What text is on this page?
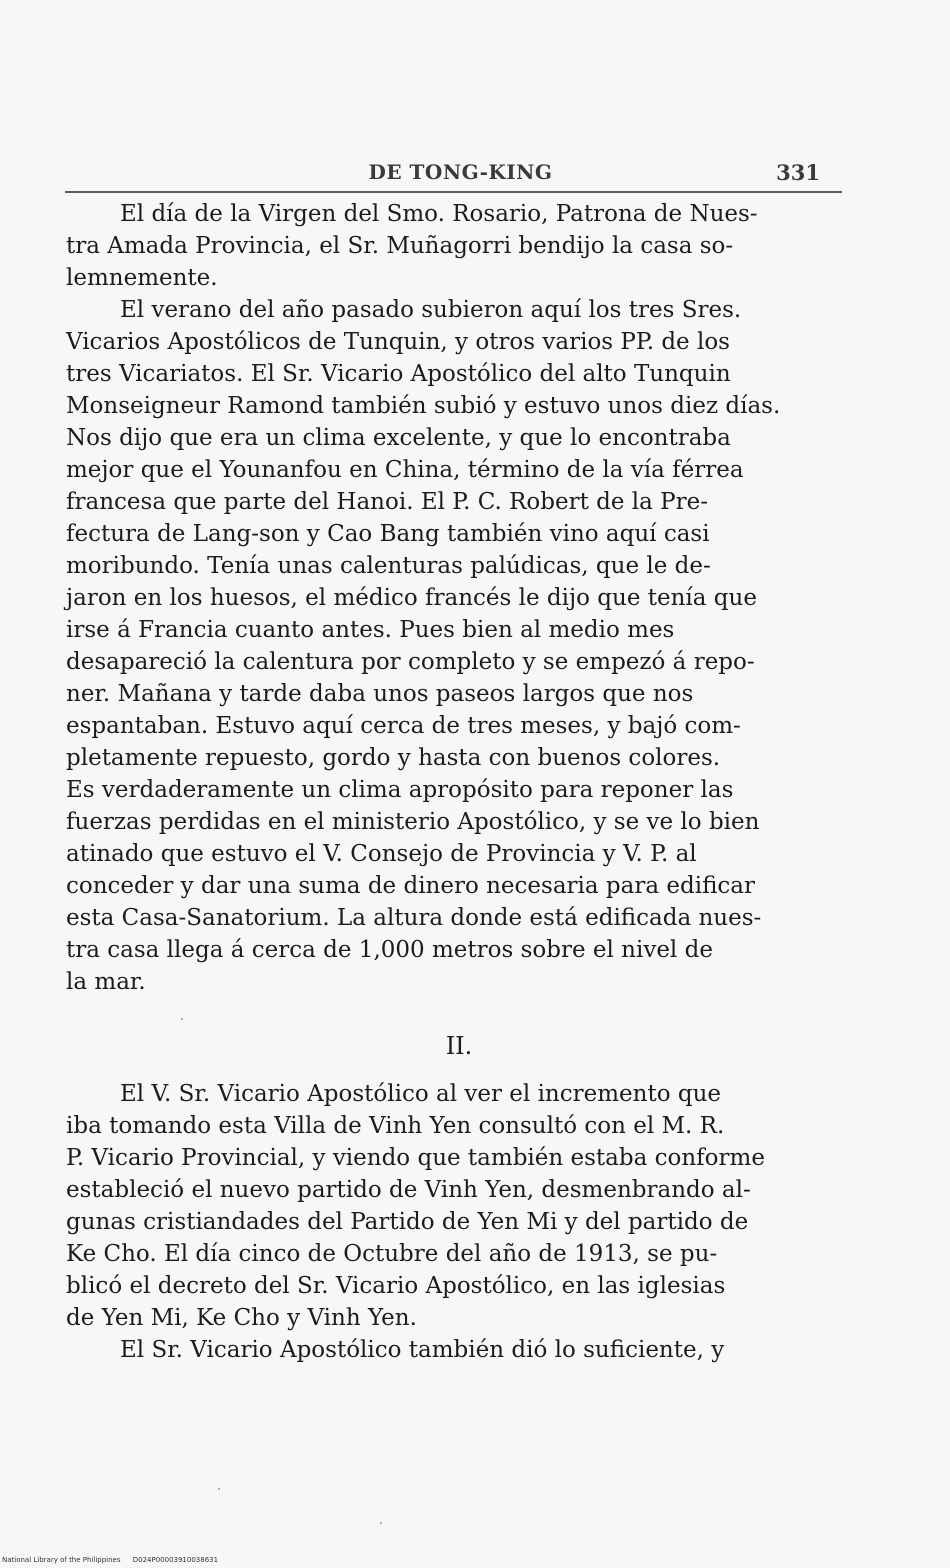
DE TONG-KING	331
El día de la Virgen del Smo. Rosario, Patrona de Nues-
tra Amada Provincia, el Sr. Muñagorri bendijo la casa so-
lemnemente.
El verano del año pasado subieron aquí los tres Sres.
Vicarios Apostólicos de Tunquin, y otros varios PP. de los
tres Vicariatos. El Sr. Vicario Apostólico del alto Tunquin
Monseigneur Ramond también subió y estuvo unos diez días.
Nos dijo que era un clima excelente, y que lo encontraba
mejor que el Younanfou en China, término de la vía férrea
francesa que parte del Hanoi. El P. C. Robert de la Pre-
fectura de Lang-son y Cao Bang también vino aquí casi
moribundo. Tenía unas calenturas palúdicas, que le de-
jaron en los huesos, el médico francés le dijo que tenía que
irse á Francia cuanto antes. Pues bien al medio mes
desapareció la calentura por completo y se empezó á repo-
ner. Mañana y tarde daba unos paseos largos que nos
espantaban. Estuvo aquí cerca de tres meses, y bajó com-
pletamente repuesto, gordo y hasta con buenos colores.
Es verdaderamente un clima apropósito para reponer las
fuerzas perdidas en el ministerio Apostólico, y se ve lo bien
atinado que estuvo el V. Consejo de Provincia y V. P. al
conceder y dar una suma de dinero necesaria para edificar
esta Casa-Sanatorium. La altura donde está edificada nues-
tra casa llega á cerca de 1,000 metros sobre el nivel de
la mar.
II.
El V. Sr. Vicario Apostólico al ver el incremento que
iba tomando esta Villa de Vinh Yen consultó con el M. R.
P. Vicario Provincial, y viendo que también estaba conforme
estableció el nuevo partido de Vinh Yen, desmenbrando al-
gunas cristiandades del Partido de Yen Mi y del partido de
Ke Cho. El día cinco de Octubre del año de 1913, se pu-
blicó el decreto del Sr. Vicario Apostólico, en las iglesias
de Yen Mi, Ke Cho y Vinh Yen.
El Sr. Vicario Apostólico también dió lo suficiente, y
National Library of the Philippines D024P00003910038631
